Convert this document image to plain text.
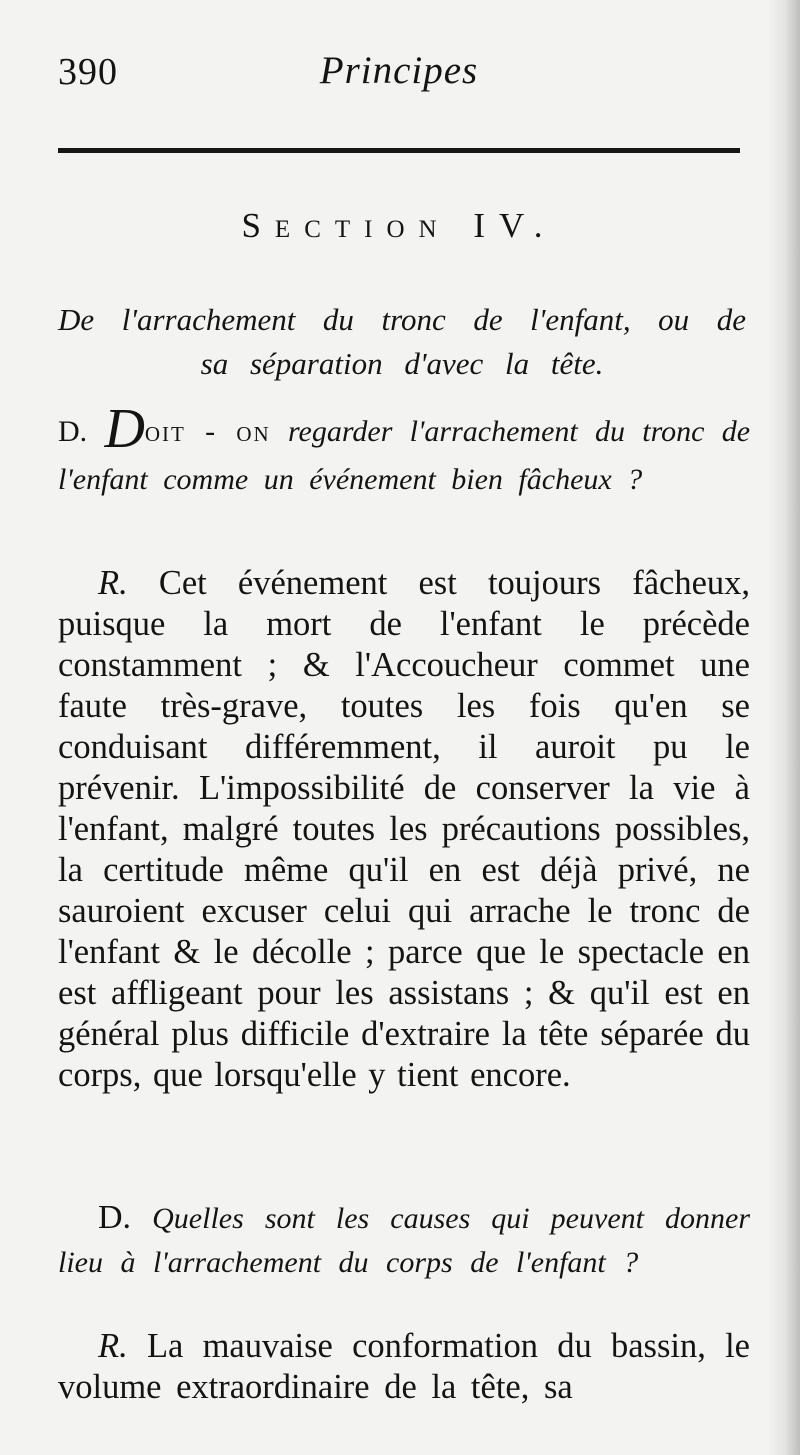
390	Principes
Section IV.
De l'arrachement du tronc de l'enfant, ou de sa séparation d'avec la tête.

D. Doit - on regarder l'arrachement du tronc de l'enfant comme un événement bien fâcheux ?

R. Cet événement est toujours fâcheux, puisque la mort de l'enfant le précède constamment ; & l'Accoucheur commet une faute très-grave, toutes les fois qu'en se conduisant différemment, il auroit pu le prévenir. L'impossibilité de conserver la vie à l'enfant, malgré toutes les précautions possibles, la certitude même qu'il en est déjà privé, ne sauroient excuser celui qui arrache le tronc de l'enfant & le décolle ; parce que le spectacle en est affligeant pour les assistans ; & qu'il est en général plus difficile d'extraire la tête séparée du corps, que lorsqu'elle y tient encore.

D. Quelles sont les causes qui peuvent donner lieu à l'arrachement du corps de l'enfant ?

R. La mauvaise conformation du bassin, le volume extraordinaire de la tête, sa
